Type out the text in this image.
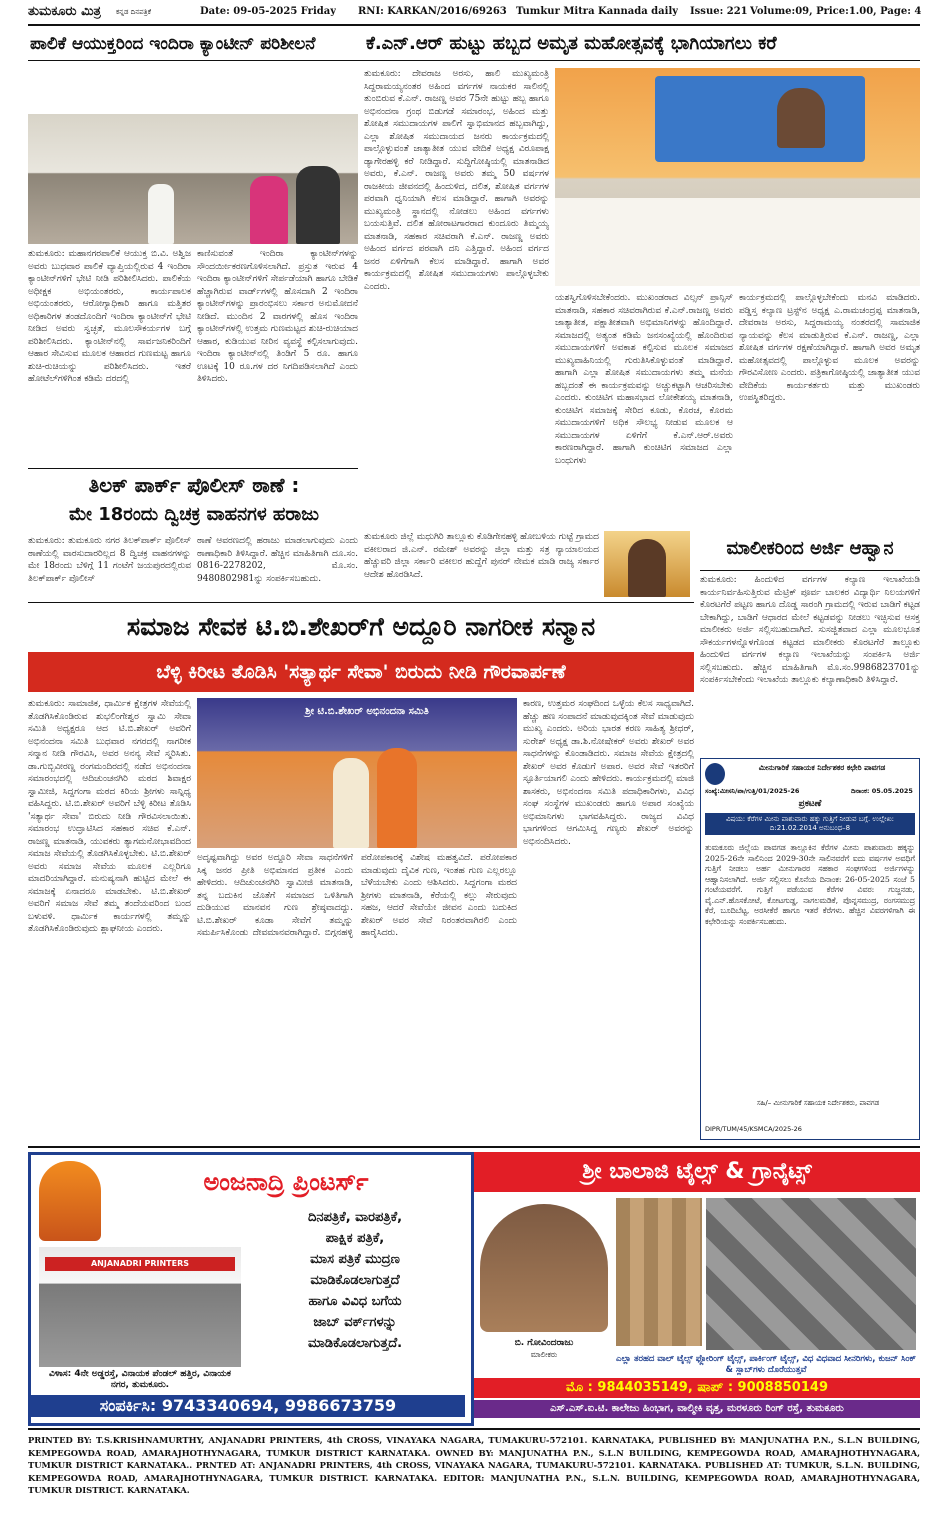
ತುಮಕೂರು ಮಿತ್ರ ಕನ್ನಡ ದಿನಪತ್ರಿಕೆ	Date: 09-05-2025 Friday RNI: KARKAN/2016/69263 Tumkur Mitra Kannada daily Issue: 221 Volume:09, Price:1.00, Page: 4
ಪಾಲಿಕೆ ಆಯುಕ್ತರಿಂದ ಇಂದಿರಾ ಕ್ಯಾಂಟೀನ್ ಪರಿಶೀಲನೆ	ಕೆ.ಎನ್.ಆರ್ ಹುಟ್ಟು ಹಬ್ಬದ ಅಮೃತ ಮಹೋತ್ಸವಕ್ಕೆ ಭಾಗಿಯಾಗಲು ಕರೆ
ತುಮಕೂರು: ಮಹಾನಗರಪಾಲಿಕೆ ಆಯುಕ್ತ ಬಿ.ವಿ. ಅಶ್ವಿಜ ಅವರು ಬುಧವಾರ ಪಾಲಿಕೆ ವ್ಯಾಪ್ತಿಯಲ್ಲಿರುವ 4 ಇಂದಿರಾ ಕ್ಯಾಂಟೀನ್‌ಗಳಿಗೆ ಭೇಟಿ ನೀಡಿ ಪರಿಶೀಲಿಸಿದರು. ಪಾಲಿಕೆಯ ಅಧೀಕ್ಷಕ ಅಭಿಯಂತರರು, ಕಾರ್ಯಪಾಲಕ ಅಭಿಯಂತರರು, ಆರೋಗ್ಯಾಧಿಕಾರಿ ಹಾಗೂ ಮತ್ತಿತರ ಅಧಿಕಾರಿಗಳ ತಂಡದೊಂದಿಗೆ ಇಂದಿರಾ ಕ್ಯಾಂಟೀನ್‌ಗೆ ಭೇಟಿ ನೀಡಿದ ಅವರು ಸ್ವಚ್ಛತೆ, ಮೂಲಸೌಕರ್ಯಗಳ ಬಗ್ಗೆ ಪರಿಶೀಲಿಸಿದರು. ಕ್ಯಾಂಟೀನ್‌ನಲ್ಲಿ ಸಾರ್ವಜನಿಕರಿಂದಿಗೆ ಆಹಾರ ಸೇವಿಸುವ ಮೂಲಕ ಆಹಾರದ ಗುಣಮಟ್ಟ ಹಾಗೂ ಶುಚಿ-ರುಚಿಯನ್ನು ಪರಿಶೀಲಿಸಿದರು. ಇತರೆ ಹೋಟೆಲ್‌ಗಳಿಗಿಂತ ಕಡಿಮೆ ದರದಲ್ಲಿ
ಕಾಣಿಸುವಂತೆ ಇಂದಿರಾ ಕ್ಯಾಂಟೀನ್‌ಗಳನ್ನು ಸೌಂದರ್ಯೀಕರಣಗೊಳಿಸಲಾಗಿದೆ. ಪ್ರಸ್ತುತ ಇರುವ 4 ಇಂದಿರಾ ಕ್ಯಾಂಟೀನ್‌ಗಳಿಗೆ ಸೇರ್ಪಡೆಯಾಗಿ ಹಾಗೂ ಬೇಡಿಕೆ ಹೆಚ್ಚಾಗಿರುವ ವಾರ್ಡ್‌ಗಳಲ್ಲಿ ಹೊಸದಾಗಿ 2 ಇಂದಿರಾ ಕ್ಯಾಂಟೀನ್‌ಗಳನ್ನು ಪ್ರಾರಂಭಿಸಲು ಸರ್ಕಾರ ಅನುಮೋದನೆ ನೀಡಿದೆ. ಮುಂದಿನ 2 ವಾರಗಳಲ್ಲಿ ಹೊಸ ಇಂದಿರಾ ಕ್ಯಾಂಟೀನ್‌ಗಳಲ್ಲಿ ಉತ್ತಮ ಗುಣಮಟ್ಟದ ಶುಚಿ-ರುಚಿಯಾದ ಆಹಾರ, ಕುಡಿಯುವ ನೀರಿನ ವ್ಯವಸ್ಥೆ ಕಲ್ಪಿಸಲಾಗುವುದು. ಇಂದಿರಾ ಕ್ಯಾಂಟೀನ್‌ನಲ್ಲಿ ತಿಂಡಿಗೆ 5 ರೂ. ಹಾಗೂ ಊಟಕ್ಕೆ 10 ರೂ.ಗಳ ದರ ನಿಗದಿಪಡಿಸಲಾಗಿದೆ ಎಂದು ತಿಳಿಸಿದರು.
ತುಮಕೂರು: ದೇವರಾಜ ಅರಸು, ಹಾಲಿ ಮುಖ್ಯಮಂತ್ರಿ ಸಿದ್ದರಾಮಯ್ಯನಂತರ ಅಹಿಂದ ವರ್ಗಗಳ ನಾಯಕರ ಸಾಲಿನಲ್ಲಿ ತುಂಬಿರುವ ಕೆ.ಎನ್. ರಾಜಣ್ಣ ಅವರ 75ನೇ ಹುಟ್ಟು ಹಬ್ಬ ಹಾಗೂ ಅಭಿನಂದನಾ ಗ್ರಂಥ ಬಿಡುಗಡೆ ಸಮಾರಂಭ, ಅಹಿಂದ ಮತ್ತು ಶೋಷಿತ ಸಮುದಾಯಗಳ ಪಾಲಿಗೆ ಸ್ವಾಭಿಮಾನದ ಹಬ್ಬವಾಗಿದ್ದು, ಎಲ್ಲಾ ಶೋಷಿತ ಸಮುದಾಯದ ಜನರು ಕಾರ್ಯಕ್ರಮದಲ್ಲಿ ಪಾಲ್ಗೊಳ್ಳುವಂತೆ ಜಾತ್ಯಾತೀತ ಯುವ ವೇದಿಕೆ ಅಧ್ಯಕ್ಷ ವಿರೂಪಾಕ್ಷ ಡ್ಯಾಗೇರಹಳ್ಳಿ ಕರೆ ನೀಡಿದ್ದಾರೆ. ಸುದ್ದಿಗೋಷ್ಠಿಯಲ್ಲಿ ಮಾತನಾಡಿದ ಅವರು, ಕೆ.ಎನ್. ರಾಜಣ್ಣ ಅವರು ತಮ್ಮ 50 ವರ್ಷಗಳ ರಾಜಕೀಯ ಜೀವನದಲ್ಲಿ ಹಿಂದುಳಿದ, ದಲಿತ, ಶೋಷಿತ ವರ್ಗಗಳ ಪರವಾಗಿ ಧ್ವನಿಯಾಗಿ ಕೆಲಸ ಮಾಡಿದ್ದಾರೆ. ಹಾಗಾಗಿ ಅವರನ್ನು ಮುಖ್ಯಮಂತ್ರಿ ಸ್ಥಾನದಲ್ಲಿ ನೋಡಲು ಅಹಿಂದ ವರ್ಗಗಳು ಬಯಸುತ್ತಿವೆ. ದಲಿತ ಹೋರಾಟಗಾರರಾದ ಕುಂದೂರು ತಿಮ್ಮಯ್ಯ ಮಾತನಾಡಿ, ಸಹಕಾರ ಸಚಿವರಾಗಿ ಕೆ.ಎನ್. ರಾಜಣ್ಣ ಅವರು ಅಹಿಂದ ವರ್ಗದ ಪರವಾಗಿ ದನಿ ಎತ್ತಿದ್ದಾರೆ. ಅಹಿಂದ ವರ್ಗದ ಜನರ ಏಳಿಗೆಗಾಗಿ ಕೆಲಸ ಮಾಡಿದ್ದಾರೆ. ಹಾಗಾಗಿ ಅವರ ಕಾರ್ಯಕ್ರಮದಲ್ಲಿ ಶೋಷಿತ ಸಮುದಾಯಗಳು ಪಾಲ್ಗೊಳ್ಳಬೇಕು ಎಂದರು.
ಯಶಸ್ವಿಗೊಳಿಸಬೇಕೆಂದರು. ಮುಖಂಡರಾದ ವಿಲ್ಸನ್ ಪ್ರಾನ್ಸಿಸ್ ಮಾತನಾಡಿ, ಸಹಕಾರ ಸಚಿವರಾಗಿರುವ ಕೆ.ಎನ್.ರಾಜಣ್ಣ ಅವರು ಜಾತ್ಯಾತೀತ, ಪಕ್ಷಾತೀತವಾಗಿ ಅಭಿಮಾನಿಗಳನ್ನು ಹೊಂದಿದ್ದಾರೆ. ಸಮಾಜದಲ್ಲಿ ಅತ್ಯಂತ ಕಡಿಮೆ ಜನಸಂಖ್ಯೆಯಲ್ಲಿ ಹೊಂದಿರುವ ಸಮುದಾಯಗಳಿಗೆ ಅವಕಾಶ ಕಲ್ಪಿಸುವ ಮೂಲಕ ಸಮಾಜದ ಮುಖ್ಯವಾಹಿನಿಯಲ್ಲಿ ಗುರುತಿಸಿಕೊಳ್ಳುವಂತೆ ಮಾಡಿದ್ದಾರೆ. ಹಾಗಾಗಿ ಎಲ್ಲಾ ಶೋಷಿತ ಸಮುದಾಯಗಳು ತಮ್ಮ ಮನೆಯ ಹಬ್ಬದಂತೆ ಈ ಕಾರ್ಯಕ್ರಮವನ್ನು ಅಚ್ಚುಕಟ್ಟಾಗಿ ಆಚರಿಸಬೇಕು ಎಂದರು. ಕುಂಚಿಟಿಗ ಮಹಾಸಭಾದ ಲೋಕೇಶಯ್ಯ ಮಾತನಾಡಿ, ಕುಂಚಿಟಿಗ ಸಮಾಜಕ್ಕೆ ಸೇರಿದ ಕೂಡು, ಕೊರಚ, ಕೊರಮ ಸಮುದಾಯಗಳಿಗೆ ಅಧಿಕ ಸೌಲಭ್ಯ ನೀಡುವ ಮೂಲಕ ಆ ಸಮುದಾಯಗಳ ಏಳಿಗೆಗೆ ಕೆ.ಎನ್.ಆರ್.ಅವರು ಕಾರಣರಾಗಿದ್ದಾರೆ. ಹಾಗಾಗಿ ಕುಂಚಿಟಿಗ ಸಮಾಜದ ಎಲ್ಲಾ ಬಂಧುಗಳು
ಕಾರ್ಯಕ್ರಮದಲ್ಲಿ ಪಾಲ್ಗೊಳ್ಳಬೇಕೆಂದು ಮನವಿ ಮಾಡಿದರು. ಪಡ್ಡಿಸ್ತ ಕಲ್ಯಾಣ ಟ್ರಸ್ಟ್‌ನ ಅಧ್ಯಕ್ಷ ಎ.ರಾಮಚಂದ್ರಪ್ಪ ಮಾತನಾಡಿ, ದೇವರಾಜ ಅರಸು, ಸಿದ್ದರಾಮಯ್ಯ ನಂತರದಲ್ಲಿ ಸಾಮಾಜಿಕ ನ್ಯಾಯವನ್ನು ಕೆಲಸ ಮಾಡುತ್ತಿರುವ ಕೆ.ಎನ್. ರಾಜಣ್ಣ, ಎಲ್ಲಾ ಶೋಷಿತ ವರ್ಗಗಳ ರಕ್ಷಣೆಯಾಗಿದ್ದಾರೆ. ಹಾಗಾಗಿ ಅವರ ಅಮೃತ ಮಹೋತ್ಸವದಲ್ಲಿ ಪಾಲ್ಗೊಳ್ಳುವ ಮೂಲಕ ಅವರನ್ನು ಗೌರವಿಸೋಣ ಎಂದರು. ಪತ್ರಿಕಾಗೋಷ್ಠಿಯಲ್ಲಿ ಜಾತ್ಯಾತೀತ ಯುವ ವೇದಿಕೆಯ ಕಾರ್ಯಕರ್ತರು ಮತ್ತು ಮುಖಂಡರು ಉಪಸ್ಥಿತರಿದ್ದರು.
ತಿಲಕ್ ಪಾರ್ಕ್ ಪೊಲೀಸ್ ಠಾಣೆ :
ಮೇ 18ರಂದು ದ್ವಿಚಕ್ರ ವಾಹನಗಳ ಹರಾಜು
ತುಮಕೂರು: ತುಮಕೂರು ನಗರ ತಿಲಕ್‌ಪಾರ್ಕ್ ಪೊಲೀಸ್ ಠಾಣೆಯಲ್ಲಿ ವಾರಸುದಾರರಿಲ್ಲದ 8 ದ್ವಿಚಕ್ರ ವಾಹನಗಳನ್ನು ಮೇ 18ರಂದು ಬೆಳಿಗ್ಗೆ 11 ಗಂಟೆಗೆ ಜಯಪುರದಲ್ಲಿರುವ ತಿಲಕ್‌ಪಾರ್ಕ್ ಪೊಲೀಸ್
ಠಾಣೆ ಆವರಣದಲ್ಲಿ ಹರಾಜು ಮಾಡಲಾಗುವುದು ಎಂದು ಠಾಣಾಧಿಕಾರಿ ತಿಳಿಸಿದ್ದಾರೆ. ಹೆಚ್ಚಿನ ಮಾಹಿತಿಗಾಗಿ ದೂ.ಸಂ. 0816-2278202, ಮೊ.ಸಂ. 9480802981ನ್ನು ಸಂಪರ್ಕಿಸಬಹುದು.
ತುಮಕೂರು ಜಿಲ್ಲೆ ಮಧುಗಿರಿ ತಾಲ್ಲೂಕು ಕೊಡಿಗೇನಹಳ್ಳಿ ಹೋಬಳಿಯ ಗುಟ್ಟೆ ಗ್ರಾಮದ ವಕೀಲರಾದ ಜಿ.ಎನ್. ರಮೇಶ್ ಅವರನ್ನು ಜಿಲ್ಲಾ ಮತ್ತು ಸತ್ರ ನ್ಯಾಯಾಲಯದ ಹೆಚ್ಚುವರಿ ಜಿಲ್ಲಾ ಸರ್ಕಾರಿ ವಕೀಲರ ಹುದ್ದೆಗೆ ಪುನರ್ ನೇಮಕ ಮಾಡಿ ರಾಜ್ಯ ಸರ್ಕಾರ ಆದೇಶ ಹೊರಡಿಸಿದೆ.
ಮಾಲೀಕರಿಂದ ಅರ್ಜಿ ಆಹ್ವಾನ
ತುಮಕೂರು: ಹಿಂದುಳಿದ ವರ್ಗಗಳ ಕಲ್ಯಾಣ ಇಲಾಖೆಯಡಿ ಕಾರ್ಯನಿರ್ವಹಿಸುತ್ತಿರುವ ಮೆಟ್ರಿಕ್ ಪೂರ್ವ ಬಾಲಕರ ವಿದ್ಯಾರ್ಥಿ ನಿಲಯಗಳಿಗೆ ಕೊರಟಗೆರೆ ಪಟ್ಟಣ ಹಾಗೂ ದೊಡ್ಡ ಸಾರಂಗಿ ಗ್ರಾಮದಲ್ಲಿ ಇರುವ ಬಾಡಿಗೆ ಕಟ್ಟಡ ಬೇಕಾಗಿದ್ದು, ಬಾಡಿಗೆ ಆಧಾರದ ಮೇಲೆ ಕಟ್ಟಡವನ್ನು ನೀಡಲು ಇಚ್ಛಿಸುವ ಆಸಕ್ತ ಮಾಲೀಕರು ಅರ್ಜಿ ಸಲ್ಲಿಸಬಹುದಾಗಿದೆ. ಸುಸಜ್ಜಿತವಾದ ಎಲ್ಲಾ ಮೂಲಭೂತ ಸೌಕರ್ಯಗಳನ್ನೊಳಗೊಂಡ ಕಟ್ಟಡದ ಮಾಲೀಕರು ಕೊರಟಗೆರೆ ತಾಲ್ಲೂಕು ಹಿಂದುಳಿದ ವರ್ಗಗಳ ಕಲ್ಯಾಣ ಇಲಾಖೆಯನ್ನು ಸಂಪರ್ಕಿಸಿ ಅರ್ಜಿ ಸಲ್ಲಿಸಬಹುದು. ಹೆಚ್ಚಿನ ಮಾಹಿತಿಗಾಗಿ ಮೊ.ಸಂ.9986823701ನ್ನು ಸಂಪರ್ಕಿಸಬೇಕೆಂದು ಇಲಾಖೆಯ ತಾಲ್ಲೂಕು ಕಲ್ಯಾಣಾಧಿಕಾರಿ ತಿಳಿಸಿದ್ದಾರೆ.
ಸಮಾಜ ಸೇವಕ ಟಿ.ಬಿ.ಶೇಖರ್‌ಗೆ ಅದ್ದೂರಿ ನಾಗರೀಕ ಸನ್ಮಾನ
ಬೆಳ್ಳಿ ಕಿರೀಟ ತೊಡಿಸಿ 'ಸತ್ಯಾರ್ಥ ಸೇವಾ' ಬಿರುದು ನೀಡಿ ಗೌರವಾರ್ಪಣೆ
ತುಮಕೂರು: ಸಾಮಾಜಿಕ, ಧಾರ್ಮಿಕ ಕ್ಷೇತ್ರಗಳ ಸೇವೆಯಲ್ಲಿ ತೊಡಗಿಸಿಕೊಂಡಿರುವ ಶುಭಲಿಂಗೇಶ್ವರ ಸ್ವಾಮಿ ಸೇವಾ ಸಮಿತಿ ಅಧ್ಯಕ್ಷರೂ ಆದ ಟಿ.ಬಿ.ಶೇಖರ್ ಅವರಿಗೆ ಅಭಿನಂದನಾ ಸಮಿತಿ ಬುಧವಾರ ನಗರದಲ್ಲಿ ನಾಗರೀಕ ಸನ್ಮಾನ ನೀಡಿ ಗೌರವಿಸಿ, ಅವರ ಅನನ್ಯ ಸೇವೆ ಸ್ಮರಿಸಿತು. ಡಾ.ಗುಬ್ಬಿವೀರಣ್ಣ ರಂಗಮಂದಿರದಲ್ಲಿ ನಡೆದ ಅಭಿನಂದನಾ ಸಮಾರಂಭದಲ್ಲಿ ಆದಿಚುಂಚನಗಿರಿ ಮಠದ ಶಿವಾಕ್ಷರ ಸ್ವಾಮೀಜಿ, ಸಿದ್ದಗಂಗಾ ಮಠದ ಕಿರಿಯ ಶ್ರೀಗಳು ಸಾನ್ನಿಧ್ಯ ವಹಿಸಿದ್ದರು. ಟಿ.ಬಿ.ಶೇಖರ್ ಅವರಿಗೆ ಬೆಳ್ಳಿ ಕಿರೀಟ ತೊಡಿಸಿ 'ಸತ್ಯಾರ್ಥ ಸೇವಾ' ಬಿರುದು ನೀಡಿ ಗೌರವಿಸಲಾಯಿತು. ಸಮಾರಂಭ ಉದ್ಘಾಟಿಸಿದ ಸಹಕಾರ ಸಚಿವ ಕೆ.ಎನ್. ರಾಜಣ್ಣ ಮಾತನಾಡಿ, ಯುವಕರು ತ್ಯಾಗಮನೋಭಾವದಿಂದ ಸಮಾಜ ಸೇವೆಯಲ್ಲಿ ತೊಡಗಿಸಿಕೊಳ್ಳಬೇಕು. ಟಿ.ಬಿ.ಶೇಖರ್ ಅವರು ಸಮಾಜ ಸೇವೆಯ ಮೂಲಕ ಎಲ್ಲರಿಗೂ ಮಾದರಿಯಾಗಿದ್ದಾರೆ. ಮನುಷ್ಯನಾಗಿ ಹುಟ್ಟಿದ ಮೇಲೆ ಈ ಸಮಾಜಕ್ಕೆ ಏನಾದರೂ ಮಾಡಬೇಕು. ಟಿ.ಬಿ.ಶೇಖರ್ ಅವರಿಗೆ ಸಮಾಜ ಸೇವೆ ತಮ್ಮ ತಂದೆಯವರಿಂದ ಬಂದ ಬಳುವಳಿ. ಧಾರ್ಮಿಕ ಕಾರ್ಯಗಳಲ್ಲಿ ತಮ್ಮನ್ನು ತೊಡಗಿಸಿಕೊಂಡಿರುವುದು ಶ್ಲಾಘನೀಯ ಎಂದರು.
ಶ್ರೀ ಟಿ.ಬಿ.ಶೇಖರ್ ಅಭಿನಂದನಾ ಸಮಿತಿ
ಅದೃಷ್ಟವಾಗಿದ್ದು ಅವರ ಅದ್ದೂರಿ ಸೇವಾ ಸಾಧನೆಗಳಿಗೆ ಸಿಕ್ಕ ಜನರ ಪ್ರೀತಿ ಅಭಿಮಾನದ ಪ್ರತೀಕ ಎಂದು ಹೇಳಿದರು. ಆದಿಚುಂಚನಗಿರಿ ಸ್ವಾಮೀಜಿ ಮಾತನಾಡಿ, ತನ್ನ ಬದುಕಿನ ಜೊತೆಗೆ ಸಮಾಜದ ಒಳಿತಿಗಾಗಿ ದುಡಿಯುವ ಮಾನವನ ಗುಣ ಶ್ರೇಷ್ಠವಾದದ್ದು. ಟಿ.ಬಿ.ಶೇಖರ್ ಕೂಡಾ ಸೇವೆಗೆ ತಮ್ಮನ್ನು ಸಮರ್ಪಿಸಿಕೊಂಡು ದೇವಮಾನವರಾಗಿದ್ದಾರೆ. ಬಿಗ್ಗನಹಳ್ಳಿ ಪರೋಪಕಾರಕ್ಕೆ ವಿಶೇಷ ಮಹತ್ವವಿದೆ. ಪರೋಪಕಾರ ಮಾಡುವುದು ದೈವಿಕ ಗುಣ, ಇಂತಹ ಗುಣ ಎಲ್ಲರಲ್ಲೂ ಬೆಳೆಯಬೇಕು ಎಂದು ಆಶಿಸಿದರು. ಸಿದ್ದಗಂಗಾ ಮಠದ ಶ್ರೀಗಳು ಮಾತನಾಡಿ, ಕೆರೆಯಲ್ಲಿ ಕಲ್ಲು ಸೇರುವುದು ಸಹಜ, ಆದರೆ ಸೇವೆಯೇ ಜೀವನ ಎಂದು ಬದುಕಿದ ಶೇಖರ್ ಅವರ ಸೇವೆ ನಿರಂತರವಾಗಿರಲಿ ಎಂದು ಹಾರೈಸಿದರು.
ಕಾರಣ, ಉತ್ತಮರ ಸಂಘದಿಂದ ಒಳ್ಳೆಯ ಕೆಲಸ ಸಾಧ್ಯವಾಗಿದೆ. ಹೆಚ್ಚು ಹಣ ಸಂಪಾದನೆ ಮಾಡುವುದಕ್ಕಿಂತ ಸೇವೆ ಮಾಡುವುದು ಮುಖ್ಯ ಎಂದರು. ಅರಿಯ ಭಾರತ ಕರಣ ಸಾಹಿತ್ಯ ಶ್ರೀಧರ್, ಸುರೇಶ್ ಅಧ್ಯಕ್ಷ ಡಾ.ಶಿ.ನೋಷೇಕರ್ ಅವರು ಶೇಖರ್ ಅವರ ಸಾಧನೆಗಳನ್ನು ಕೊಂಡಾಡಿದರು. ಸಮಾಜ ಸೇವೆಯ ಕ್ಷೇತ್ರದಲ್ಲಿ ಶೇಖರ್ ಅವರ ಕೊಡುಗೆ ಅಪಾರ. ಅವರ ಸೇವೆ ಇತರರಿಗೆ ಸ್ಫೂರ್ತಿಯಾಗಲಿ ಎಂದು ಹೇಳಿದರು. ಕಾರ್ಯಕ್ರಮದಲ್ಲಿ ಮಾಜಿ ಶಾಸಕರು, ಅಭಿನಂದನಾ ಸಮಿತಿ ಪದಾಧಿಕಾರಿಗಳು, ವಿವಿಧ ಸಂಘ ಸಂಸ್ಥೆಗಳ ಮುಖಂಡರು ಹಾಗೂ ಅಪಾರ ಸಂಖ್ಯೆಯ ಅಭಿಮಾನಿಗಳು ಭಾಗವಹಿಸಿದ್ದರು. ರಾಜ್ಯದ ವಿವಿಧ ಭಾಗಗಳಿಂದ ಆಗಮಿಸಿದ್ದ ಗಣ್ಯರು ಶೇಖರ್ ಅವರನ್ನು ಅಭಿನಂದಿಸಿದರು.
ಮೀನುಗಾರಿಕೆ ಸಹಾಯಕ ನಿರ್ದೇಶಕರ ಕಛೇರಿ ಪಾವಗಡ
ಸಂಖ್ಯೆ:ಮೀಸನಿ/ಪಾ/ಗುತ್ತಿ/01/2025-26	ದಿನಾಂಕ: 05.05.2025
ಪ್ರಕಟಣೆ
ವಿಷಯ: ಕೆರೆಗಳ ಮೀನು ಪಾಶುವಾರು ಹಕ್ಕು ಗುತ್ತಿಗೆ ನೀಡುವ ಬಗ್ಗೆ. ಉಲ್ಲೇಖ: ದಿ:21.02.2014 ಅನುಬಂಧ–8
ತುಮಕೂರು ಜಿಲ್ಲೆಯ ಪಾವಗಡ ತಾಲ್ಲೂಕಿನ ಕೆರೆಗಳ ಮೀನು ಪಾಶುವಾರು ಹಕ್ಕನ್ನು 2025-26ನೇ ಸಾಲಿನಿಂದ 2029-30ನೇ ಸಾಲಿನವರೆಗೆ ಐದು ವರ್ಷಗಳ ಅವಧಿಗೆ ಗುತ್ತಿಗೆ ನೀಡಲು ಅರ್ಹ ಮೀನುಗಾರರ ಸಹಕಾರ ಸಂಘಗಳಿಂದ ಅರ್ಜಿಗಳನ್ನು ಆಹ್ವಾನಿಸಲಾಗಿದೆ. ಅರ್ಜಿ ಸಲ್ಲಿಸಲು ಕೊನೆಯ ದಿನಾಂಕ: 26-05-2025 ಸಂಜೆ 5 ಗಂಟೆಯವರೆಗೆ. ಗುತ್ತಿಗೆ ಪಡೆಯುವ ಕೆರೆಗಳ ವಿವರ: ಗುಜ್ಜನಡು, ವೈ.ಎನ್.ಹೊಸಕೋಟೆ, ಕೋಟಗುಡ್ಡ, ನಾಗಲಮಡಿಕೆ, ಪೊನ್ನಸಮುದ್ರ, ರಂಗಸಮುದ್ರ ಕೆರೆ, ಬೂದಿಬೆಟ್ಟ, ಅರಸೀಕೆರೆ ಹಾಗೂ ಇತರೆ ಕೆರೆಗಳು. ಹೆಚ್ಚಿನ ವಿವರಗಳಿಗಾಗಿ ಈ ಕಛೇರಿಯನ್ನು ಸಂಪರ್ಕಿಸಬಹುದು.
ಸಹಿ/– ಮೀನುಗಾರಿಕೆ ಸಹಾಯಕ ನಿರ್ದೇಶಕರು, ಪಾವಗಡ
DIPR/TUM/45/KSMCA/2025-26
ಅಂಜನಾದ್ರಿ ಪ್ರಿಂಟರ್ಸ್
ANJANADRI PRINTERS
ದಿನಪತ್ರಿಕೆ, ವಾರಪತ್ರಿಕೆ,
ಪಾಕ್ಷಿಕ ಪತ್ರಿಕೆ,
ಮಾಸ ಪತ್ರಿಕೆ ಮುದ್ರಣ
ಮಾಡಿಕೊಡಲಾಗುತ್ತದೆ
ಹಾಗೂ ವಿವಿಧ ಬಗೆಯ
ಜಾಬ್ ವರ್ಕ್‌ಗಳನ್ನು
ಮಾಡಿಕೊಡಲಾಗುತ್ತದೆ.
ವಿಳಾಸ: 4ನೇ ಅಡ್ಡರಸ್ತೆ, ವಿನಾಯಕ ಪೆಂಡಲ್ ಹತ್ತಿರ, ವಿನಾಯಕ ನಗರ, ತುಮಕೂರು.
ಸಂಪರ್ಕಿಸಿ: 9743340694, 9986673759
ಶ್ರೀ ಬಾಲಾಜಿ ಟೈಲ್ಸ್ & ಗ್ರಾನೈಟ್ಸ್
ಬಿ. ಗೋವಿಂದರಾಜು
ಮಾಲೀಕರು	ಎಲ್ಲಾ ತರಹದ ವಾಲ್ ಟೈಲ್ಸ್ ಫ್ಲೋರಿಂಗ್ ಟೈಲ್ಸ್, ಪಾರ್ಕಿಂಗ್ ಟೈಲ್ಸ್, ವಿಧ ವಿಧವಾದ ಸೀನರಿಗಳು, ಕುಜನ್ ಸಿಂಕ್ & ಸ್ಲಾಬ್‌ಗಳು ದೊರೆಯುತ್ತವೆ
ಮೊ : 9844035149, ಷಾಪ್ : 9008850149
ಎಸ್.ಎಸ್.ಐ.ಟಿ. ಕಾಲೇಜು ಹಿಂಭಾಗ, ವಾಲ್ಮೀಕಿ ವೃತ್ತ, ಮರಳೂರು ರಿಂಗ್ ರಸ್ತೆ, ತುಮಕೂರು
PRINTED BY: T.S.KRISHNAMURTHY, ANJANADRI PRINTERS, 4th CROSS, VINAYAKA NAGARA, TUMAKURU-572101. KARNATAKA, PUBLISHED BY: MANJUNATHA P.N., S.L.N BUILDING, KEMPEGOWDA ROAD, AMARAJHOTHYNAGARA, TUMKUR DISTRICT KARNATAKA. OWNED BY: MANJUNATHA P.N., S.L.N BUILDING, KEMPEGOWDA ROAD, AMARAJHOTHYNAGARA, TUMKUR DISTRICT KARNATAKA.. PRNTED AT: ANJANADRI PRINTERS, 4th CROSS, VINAYAKA NAGARA, TUMAKURU-572101. KARNATAKA. PUBLISHED AT: TUMKUR, S.L.N. BUILDING, KEMPEGOWDA ROAD, AMARAJHOTHYNAGARA, TUMKUR DISTRICT. KARNATAKA. EDITOR: MANJUNATHA P.N., S.L.N. BUILDING, KEMPEGOWDA ROAD, AMARAJHOTHYNAGARA, TUMKUR DISTRICT. KARNATAKA.
